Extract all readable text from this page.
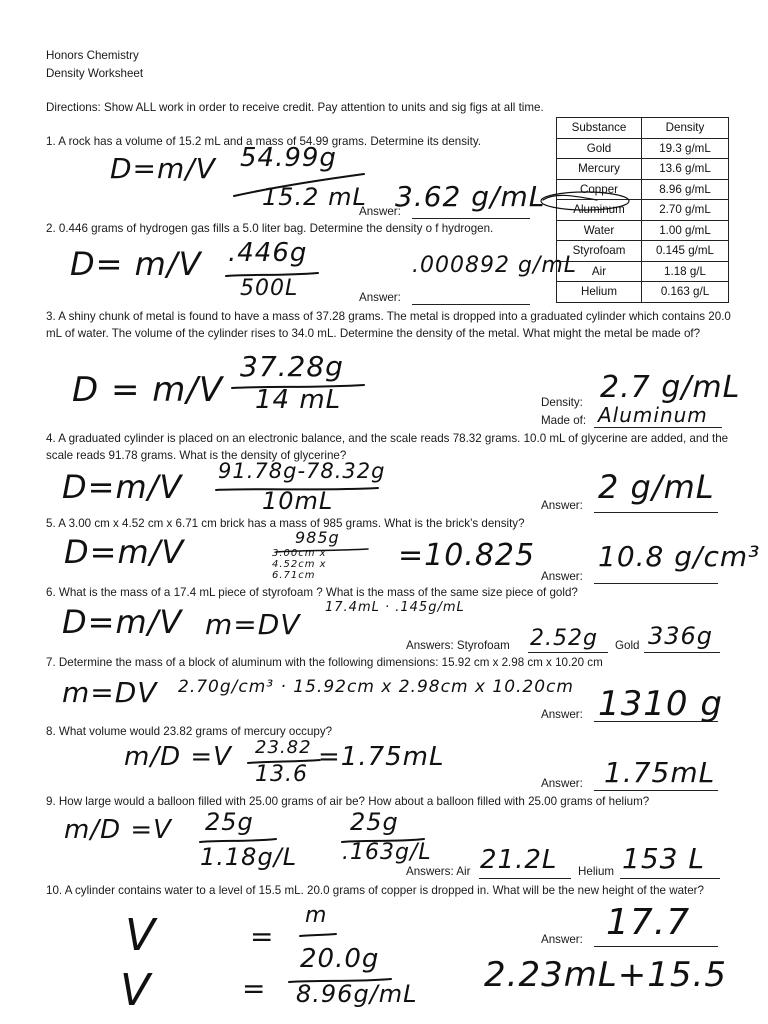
Honors Chemistry
Density Worksheet
Directions: Show ALL work in order to receive credit. Pay attention to units and sig figs at all time.
Substance	Density
Gold	19.3 g/mL
Mercury	13.6 g/mL
Copper	8.96 g/mL
Aluminum	2.70 g/mL
Water	1.00 g/mL
Styrofoam	0.145 g/mL
Air	1.18 g/L
Helium	0.163 g/L
1. A rock has a volume of 15.2 mL and a mass of 54.99 grams. Determine its density.
D=m/V 54.99g
15.2 mL
Answer:
3.62 g/mL
2. 0.446 grams of hydrogen gas fills a 5.0 liter bag. Determine the density o f hydrogen.
D= m/V .446g
500L	Answer:
.000892 g/mL
3. A shiny chunk of metal is found to have a mass of 37.28 grams. The metal is dropped into a graduated cylinder which contains 20.0 mL of water. The volume of the cylinder rises to 34.0 mL. Determine the density of the metal. What might the metal be made of?
D = m/V
37.28g
14 mL	Density: 2.7 g/mL
Made of: Aluminum
4. A graduated cylinder is placed on an electronic balance, and the scale reads 78.32 grams. 10.0 mL of glycerine are added, and the scale reads 91.78 grams. What is the density of glycerine?
D=m/V 91.78g-78.32g
10mL	Answer: 2 g/mL
5. A 3.00 cm x 4.52 cm x 6.71 cm brick has a mass of 985 grams. What is the brick’s density?
D=m/V	985g
3.00cm x 4.52cm x 6.71cm
=10.825
Answer:
10.8 g/cm³
6. What is the mass of a 17.4 mL piece of styrofoam ? What is the mass of the same size piece of gold?
D=m/V m=DV
17.4mL · .145g/mL
Answers: Styrofoam 2.52g Gold 336g
7. Determine the mass of a block of aluminum with the following dimensions: 15.92 cm x 2.98 cm x 10.20 cm
m=DV 2.70g/cm³ · 15.92cm x 2.98cm x 10.20cm
Answer: 1310 g
8. What volume would 23.82 grams of mercury occupy?
m/D =V 23.82
13.6
=1.75mL
Answer: 1.75mL
9. How large would a balloon filled with 25.00 grams of air be? How about a balloon filled with 25.00 grams of helium?
m/D =V 25g
1.18g/L
25g
.163g/L
Answers: Air 21.2L Helium 153 L
10. A cylinder contains water to a level of 15.5 mL. 20.0 grams of copper is dropped in. What will be the new height of the water?
V	=
m
Answer: 17.7
V	=
20.0g
8.96g/mL 2.23mL+15.5
